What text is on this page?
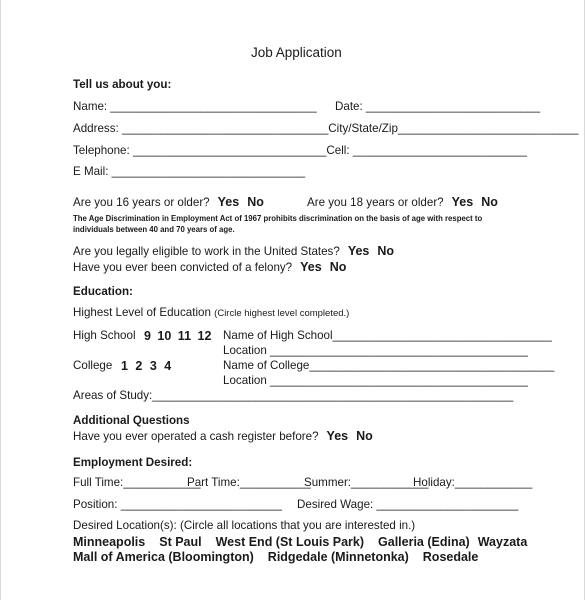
Job Application
Tell us about you:
Name: ________________________________ Date: ___________________________
Address: ________________________________City/State/Zip____________________________
Telephone: ______________________________Cell: ___________________________
E Mail: ______________________________
Are you 16 years or older? Yes No	Are you 18 years or older? Yes No
The Age Discrimination in Employment Act of 1967 prohibits discrimination on the basis of age with respect to
individuals between 40 and 70 years of age.
Are you legally eligible to work in the United States? Yes No
Have you ever been convicted of a felony? Yes No
Education:
Highest Level of Education (Circle highest level completed.)
High School 9 10 11 12 Name of High School__________________________________
Location ________________________________________
College 1 2 3 4	Name of College______________________________________
Location ________________________________________
Areas of Study:________________________________________________________
Additional Questions
Have you ever operated a cash register before? Yes No
Employment Desired:
Full Time:____________
Part Time:___________
Summer:____________
Holiday:____________
Position: _________________________ Desired Wage: ______________________
Desired Location(s): (Circle all locations that you are interested in.)
Minneapolis St Paul West End (St Louis Park) Galleria (Edina) Wayzata
Mall of America (Bloomington) Ridgedale (Minnetonka) Rosedale
